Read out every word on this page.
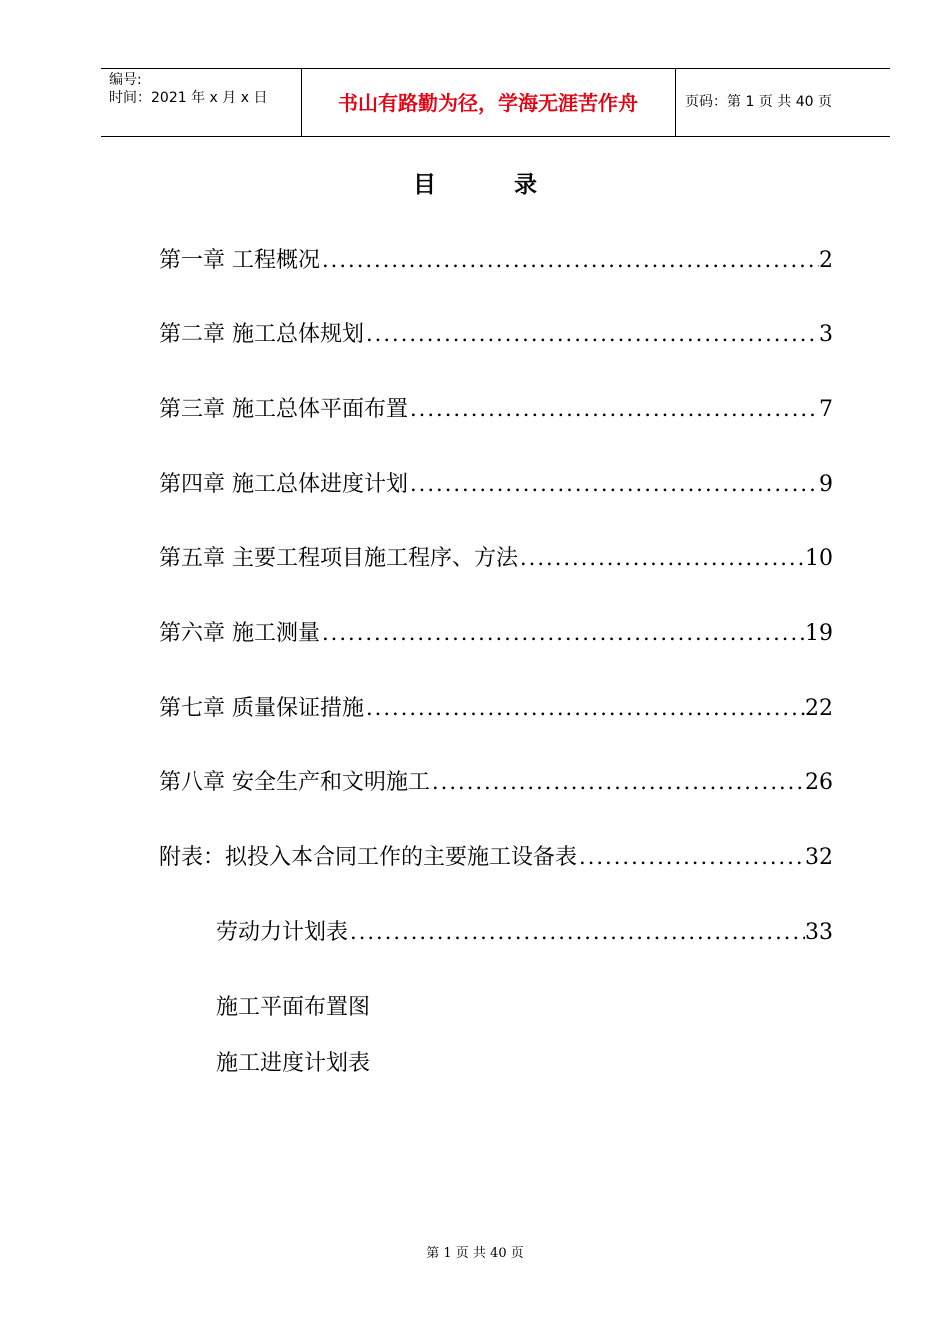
编号:
时间：2021 年 x 月 x 日	书山有路勤为径，学海无涯苦作舟	页码：第 1 页 共 40 页
目	录
第一章 工程概况 .....	2
第二章 施工总体规划 .....	3
第三章 施工总体平面布置 .....	7
第四章 施工总体进度计划 .....	9
第五章 主要工程项目施工程序、方法 .....	10
第六章 施工测量 .....	19
第七章 质量保证措施 .....	22
第八章 安全生产和文明施工 .....	26
附表：拟投入本合同工作的主要施工设备表 .....	32
劳动力计划表 .....	33
施工平面布置图
施工进度计划表
第 1 页 共 40 页
